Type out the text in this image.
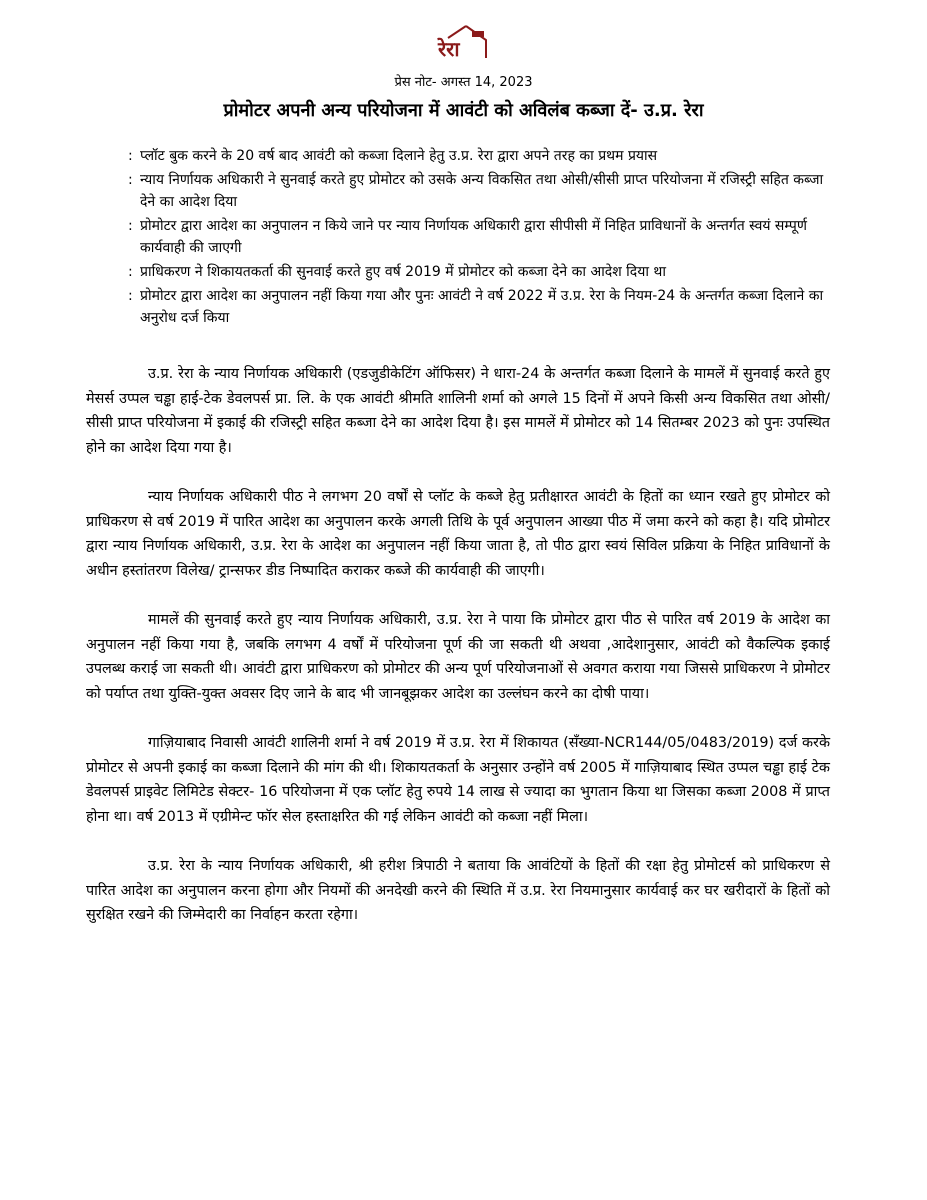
रेरा
प्रेस नोट- अगस्त 14, 2023
प्रोमोटर अपनी अन्य परियोजना में आवंटी को अविलंब कब्जा दें- उ.प्र. रेरा
: प्लॉट बुक करने के 20 वर्ष बाद आवंटी को कब्जा दिलाने हेतु उ.प्र. रेरा द्वारा अपने तरह का प्रथम प्रयास
: न्याय निर्णायक अधिकारी ने सुनवाई करते हुए प्रोमोटर को उसके अन्य विकसित तथा ओसी/सीसी प्राप्त परियोजना में रजिस्ट्री सहित कब्जा देने का आदेश दिया
: प्रोमोटर द्वारा आदेश का अनुपालन न किये जाने पर न्याय निर्णायक अधिकारी द्वारा सीपीसी में निहित प्राविधानों के अन्तर्गत स्वयं सम्पूर्ण कार्यवाही की जाएगी
: प्राधिकरण ने शिकायतकर्ता की सुनवाई करते हुए वर्ष 2019 में प्रोमोटर को कब्जा देने का आदेश दिया था
: प्रोमोटर द्वारा आदेश का अनुपालन नहीं किया गया और पुनः आवंटी ने वर्ष 2022 में उ.प्र. रेरा के नियम-24 के अन्तर्गत कब्जा दिलाने का अनुरोध दर्ज किया

उ.प्र. रेरा के न्याय निर्णायक अधिकारी (एडजुडीकेटिंग ऑफिसर) ने धारा-24 के अन्तर्गत कब्जा दिलाने के मामलें में सुनवाई करते हुए मेसर्स उप्पल चड्ढा हाई-टेक डेवलपर्स प्रा. लि. के एक आवंटी श्रीमति शालिनी शर्मा को अगले 15 दिनों में अपने किसी अन्य विकसित तथा ओसी/सीसी प्राप्त परियोजना में इकाई की रजिस्ट्री सहित कब्जा देने का आदेश दिया है। इस मामलें में प्रोमोटर को 14 सितम्बर 2023 को पुनः उपस्थित होने का आदेश दिया गया है।

न्याय निर्णायक अधिकारी पीठ ने लगभग 20 वर्षों से प्लॉट के कब्जे हेतु प्रतीक्षारत आवंटी के हितों का ध्यान रखते हुए प्रोमोटर को प्राधिकरण से वर्ष 2019 में पारित आदेश का अनुपालन करके अगली तिथि के पूर्व अनुपालन आख्या पीठ में जमा करने को कहा है। यदि प्रोमोटर द्वारा न्याय निर्णायक अधिकारी, उ.प्र. रेरा के आदेश का अनुपालन नहीं किया जाता है, तो पीठ द्वारा स्वयं सिविल प्रक्रिया के निहित प्राविधानों के अधीन हस्तांतरण विलेख/ ट्रान्सफर डीड निष्पादित कराकर कब्जे की कार्यवाही की जाएगी।

मामलें की सुनवाई करते हुए न्याय निर्णायक अधिकारी, उ.प्र. रेरा ने पाया कि प्रोमोटर द्वारा पीठ से पारित वर्ष 2019 के आदेश का अनुपालन नहीं किया गया है, जबकि लगभग 4 वर्षों में परियोजना पूर्ण की जा सकती थी अथवा ,आदेशानुसार, आवंटी को वैकल्पिक इकाई उपलब्ध कराई जा सकती थी। आवंटी द्वारा प्राधिकरण को प्रोमोटर की अन्य पूर्ण परियोजनाओं से अवगत कराया गया जिससे प्राधिकरण ने प्रोमोटर को पर्याप्त तथा युक्ति-युक्त अवसर दिए जाने के बाद भी जानबूझकर आदेश का उल्लंघन करने का दोषी पाया।

गाज़ियाबाद निवासी आवंटी शालिनी शर्मा ने वर्ष 2019 में उ.प्र. रेरा में शिकायत (सँख्या-NCR144/05/0483/2019) दर्ज करके प्रोमोटर से अपनी इकाई का कब्जा दिलाने की मांग की थी। शिकायतकर्ता के अनुसार उन्होंने वर्ष 2005 में गाज़ियाबाद स्थित उप्पल चड्ढा हाई टेक डेवलपर्स प्राइवेट लिमिटेड सेक्टर- 16 परियोजना में एक प्लॉट हेतु रुपये 14 लाख से ज्यादा का भुगतान किया था जिसका कब्जा 2008 में प्राप्त होना था। वर्ष 2013 में एग्रीमेन्ट फॉर सेल हस्ताक्षरित की गई लेकिन आवंटी को कब्जा नहीं मिला।

उ.प्र. रेरा के न्याय निर्णायक अधिकारी, श्री हरीश त्रिपाठी ने बताया कि आवंटियों के हितों की रक्षा हेतु प्रोमोटर्स को प्राधिकरण से पारित आदेश का अनुपालन करना होगा और नियमों की अनदेखी करने की स्थिति में उ.प्र. रेरा नियमानुसार कार्यवाई कर घर खरीदारों के हितों को सुरक्षित रखने की जिम्मेदारी का निर्वाहन करता रहेगा।
